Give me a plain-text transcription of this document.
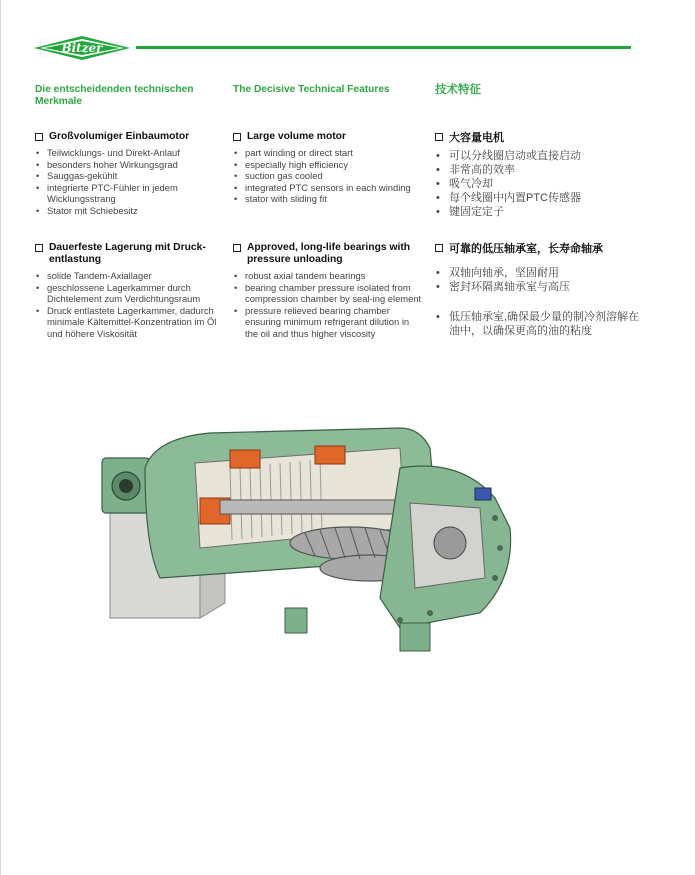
Bitzer

Die entscheidenden technischen Merkmale

Großvolumiger Einbaumotor

• Teilwicklungs- und Direkt-Anlauf
• besonders hoher Wirkungsgrad
• Sauggas-gekühlt
• integrierte PTC-Fühler in jedem Wicklungsstrang
• Stator mit Schiebesitz

Dauerfeste Lagerung mit Druck-entlastung

• solide Tandem-Axiallager
• geschlossene Lagerkammer durch Dichtelement zum Verdichtungsraum
• Druck entlastete Lagerkammer, dadurch minimale Kältemittel-Konzentration im Öl und höhere Viskosität

The Decisive Technical Features

Large volume motor

• part winding or direct start
• especially high efficiency
• suction gas cooled
• integrated PTC sensors in each winding
• stator with sliding fit

Approved, long-life bearings with pressure unloading

• robust axial tandem bearings
• bearing chamber pressure isolated from compression chamber by seal-ing element
• pressure relieved bearing chamber ensuring minimum refrigerant dilution in the oil and thus higher viscosity

技术特征

大容量电机

• 可以分线圈启动或直接启动
• 非常高的效率
• 吸气冷却
• 每个线圈中内置PTC传感器
• 键固定定子

可靠的低压轴承室，长寿命轴承

• 双轴向轴承，坚固耐用
• 密封环隔离轴承室与高压
• 低压轴承室,确保最少量的制冷剂溶解在油中，以确保更高的油的粘度
